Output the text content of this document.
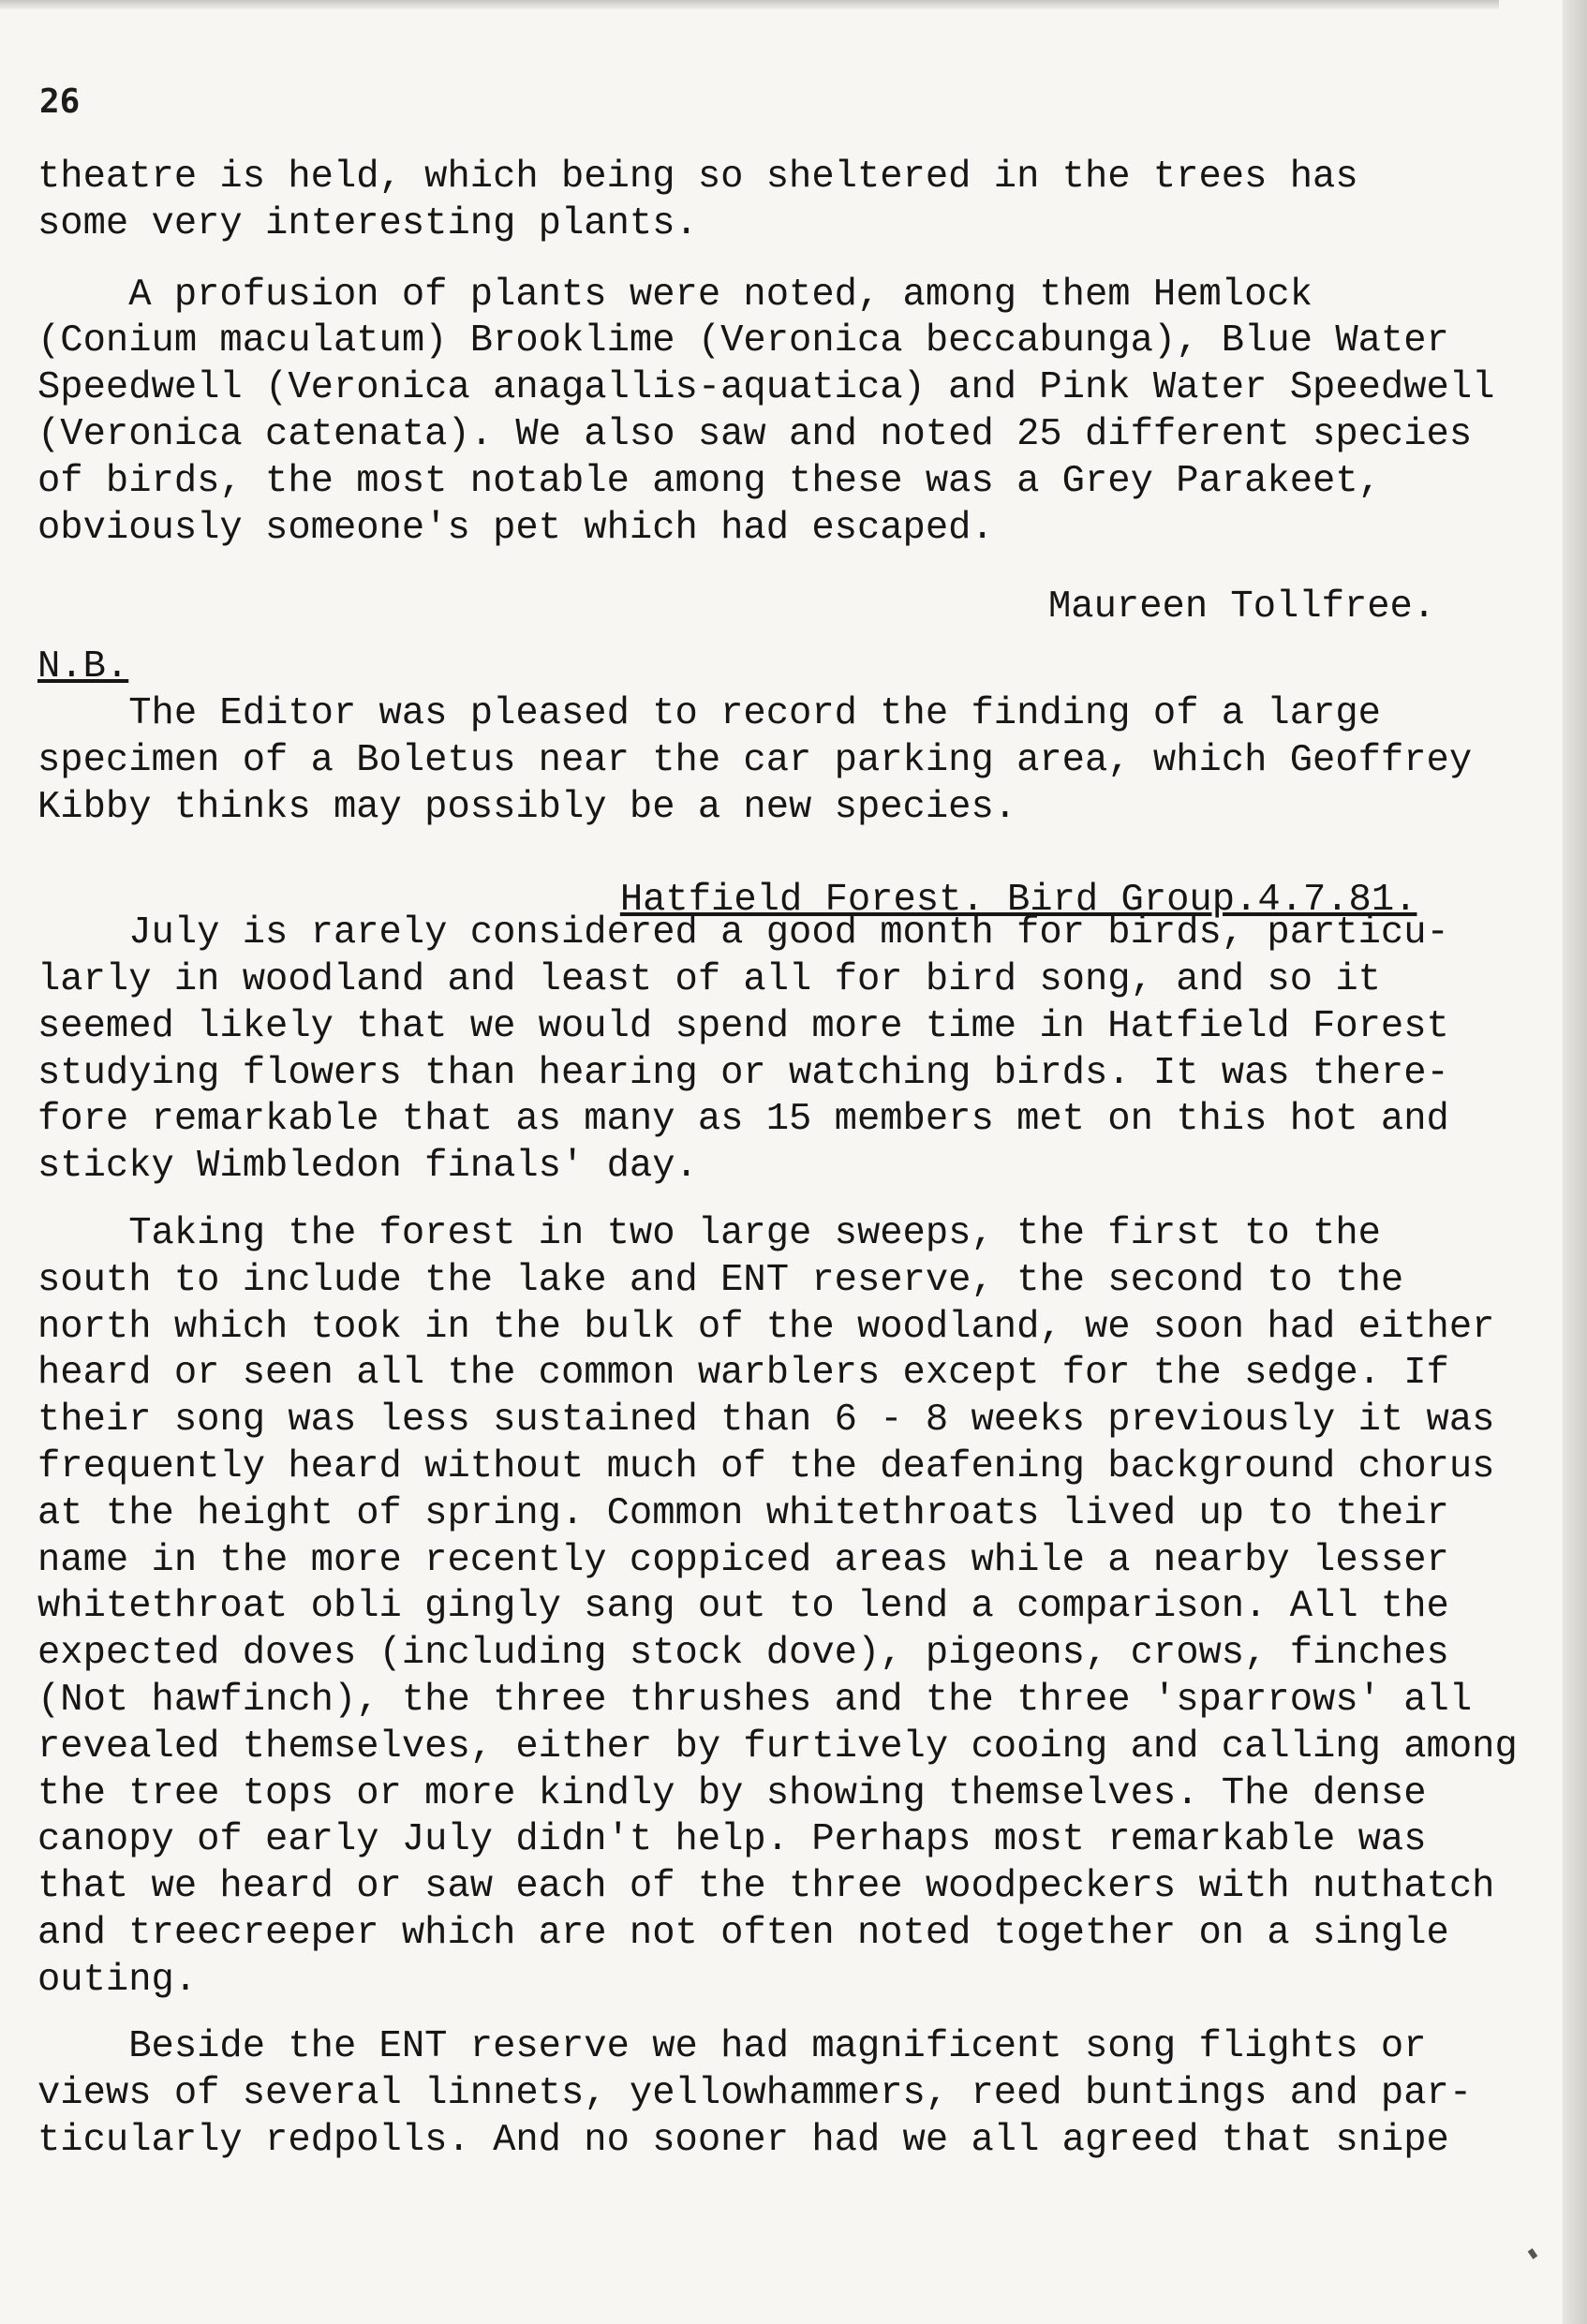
26
theatre is held, which being so sheltered in the trees has
some very interesting plants.
A profusion of plants were noted, among them Hemlock
(Conium maculatum) Brooklime (Veronica beccabunga), Blue Water
Speedwell (Veronica anagallis-aquatica) and Pink Water Speedwell
(Veronica catenata). We also saw and noted 25 different species
of birds, the most notable among these was a Grey Parakeet,
obviously someone's pet which had escaped.
Maureen Tollfree.
N.B.
The Editor was pleased to record the finding of a large
specimen of a Boletus near the car parking area, which Geoffrey
Kibby thinks may possibly be a new species.

Hatfield Forest. Bird Group.4.7.81.

July is rarely considered a good month for birds, particu-
larly in woodland and least of all for bird song, and so it
seemed likely that we would spend more time in Hatfield Forest
studying flowers than hearing or watching birds. It was there-
fore remarkable that as many as 15 members met on this hot and
sticky Wimbledon finals' day.
Taking the forest in two large sweeps, the first to the
south to include the lake and ENT reserve, the second to the
north which took in the bulk of the woodland, we soon had either
heard or seen all the common warblers except for the sedge. If
their song was less sustained than 6 - 8 weeks previously it was
frequently heard without much of the deafening background chorus
at the height of spring. Common whitethroats lived up to their
name in the more recently coppiced areas while a nearby lesser
whitethroat obli gingly sang out to lend a comparison. All the
expected doves (including stock dove), pigeons, crows, finches
(Not hawfinch), the three thrushes and the three 'sparrows' all
revealed themselves, either by furtively cooing and calling among
the tree tops or more kindly by showing themselves. The dense
canopy of early July didn't help. Perhaps most remarkable was
that we heard or saw each of the three woodpeckers with nuthatch
and treecreeper which are not often noted together on a single
outing.
Beside the ENT reserve we had magnificent song flights or
views of several linnets, yellowhammers, reed buntings and par-
ticularly redpolls. And no sooner had we all agreed that snipe
